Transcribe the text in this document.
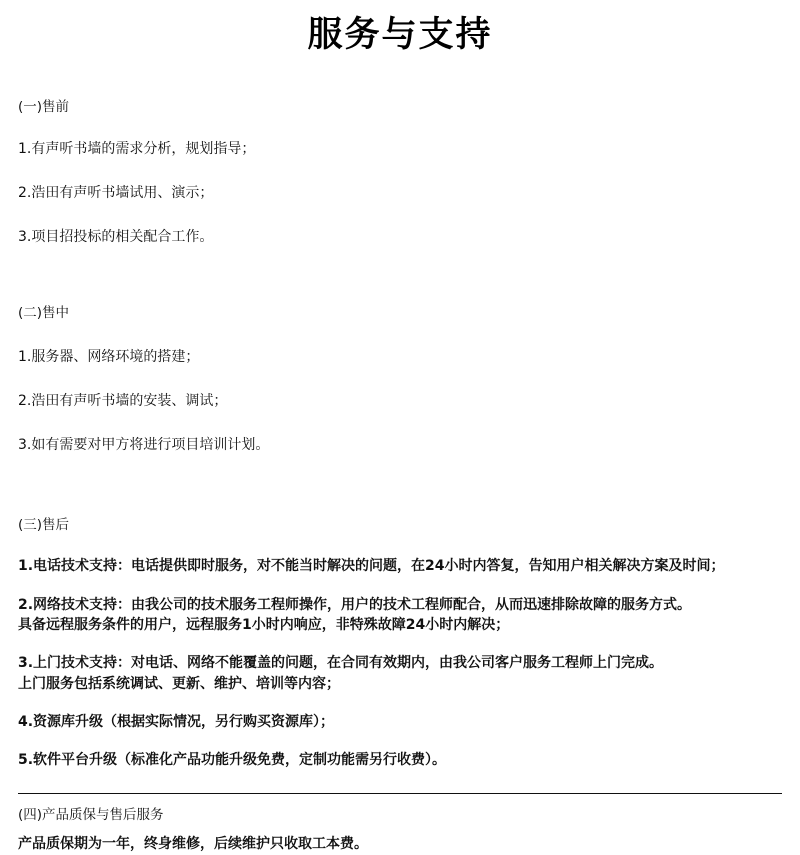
服务与支持
(一)售前
1.有声听书墙的需求分析，规划指导；
2.浩田有声听书墙试用、演示；
3.项目招投标的相关配合工作。
(二)售中
1.服务器、网络环境的搭建；
2.浩田有声听书墙的安装、调试；
3.如有需要对甲方将进行项目培训计划。
(三)售后
1.电话技术支持：电话提供即时服务，对不能当时解决的问题，在24小时内答复，告知用户相关解决方案及时间；
2.网络技术支持：由我公司的技术服务工程师操作，用户的技术工程师配合，从而迅速排除故障的服务方式。
具备远程服务条件的用户，远程服务1小时内响应，非特殊故障24小时内解决；
3.上门技术支持：对电话、网络不能覆盖的问题，在合同有效期内，由我公司客户服务工程师上门完成。
上门服务包括系统调试、更新、维护、培训等内容；
4.资源库升级（根据实际情况，另行购买资源库）；
5.软件平台升级（标准化产品功能升级免费，定制功能需另行收费）。
(四)产品质保与售后服务
产品质保期为一年，终身维修，后续维护只收取工本费。
